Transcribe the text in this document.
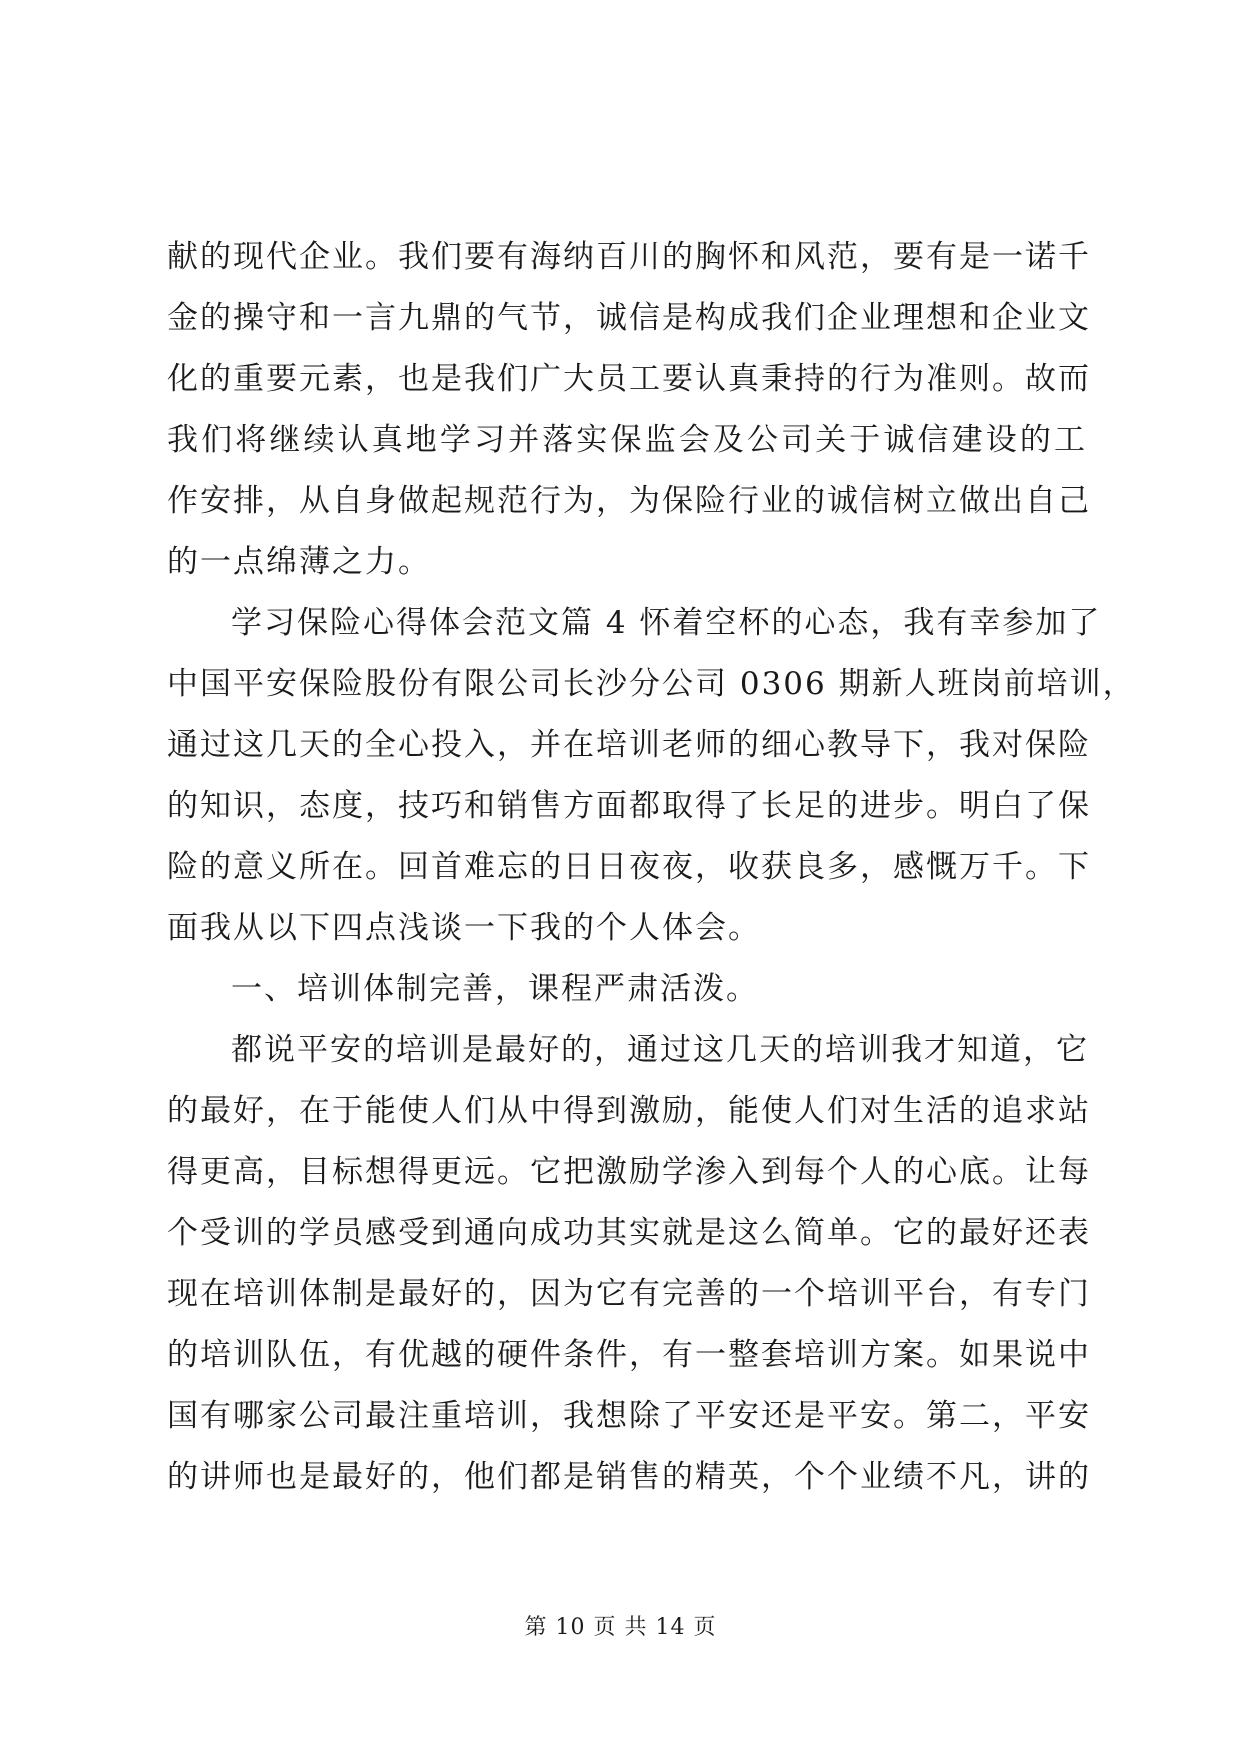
献的现代企业。我们要有海纳百川的胸怀和风范，要有是一诺千
金的操守和一言九鼎的气节，诚信是构成我们企业理想和企业文
化的重要元素，也是我们广大员工要认真秉持的行为准则。故而
我们将继续认真地学习并落实保监会及公司关于诚信建设的工
作安排，从自身做起规范行为，为保险行业的诚信树立做出自己
的一点绵薄之力。
学习保险心得体会范文篇 4 怀着空杯的心态，我有幸参加了
中国平安保险股份有限公司长沙分公司 0306 期新人班岗前培训，
通过这几天的全心投入，并在培训老师的细心教导下，我对保险
的知识，态度，技巧和销售方面都取得了长足的进步。明白了保
险的意义所在。回首难忘的日日夜夜，收获良多，感慨万千。下
面我从以下四点浅谈一下我的个人体会。
一、培训体制完善，课程严肃活泼。
都说平安的培训是最好的，通过这几天的培训我才知道，它
的最好，在于能使人们从中得到激励，能使人们对生活的追求站
得更高，目标想得更远。它把激励学渗入到每个人的心底。让每
个受训的学员感受到通向成功其实就是这么简单。它的最好还表
现在培训体制是最好的，因为它有完善的一个培训平台，有专门
的培训队伍，有优越的硬件条件，有一整套培训方案。如果说中
国有哪家公司最注重培训，我想除了平安还是平安。第二，平安
的讲师也是最好的，他们都是销售的精英，个个业绩不凡，讲的
第 10 页 共 14 页
